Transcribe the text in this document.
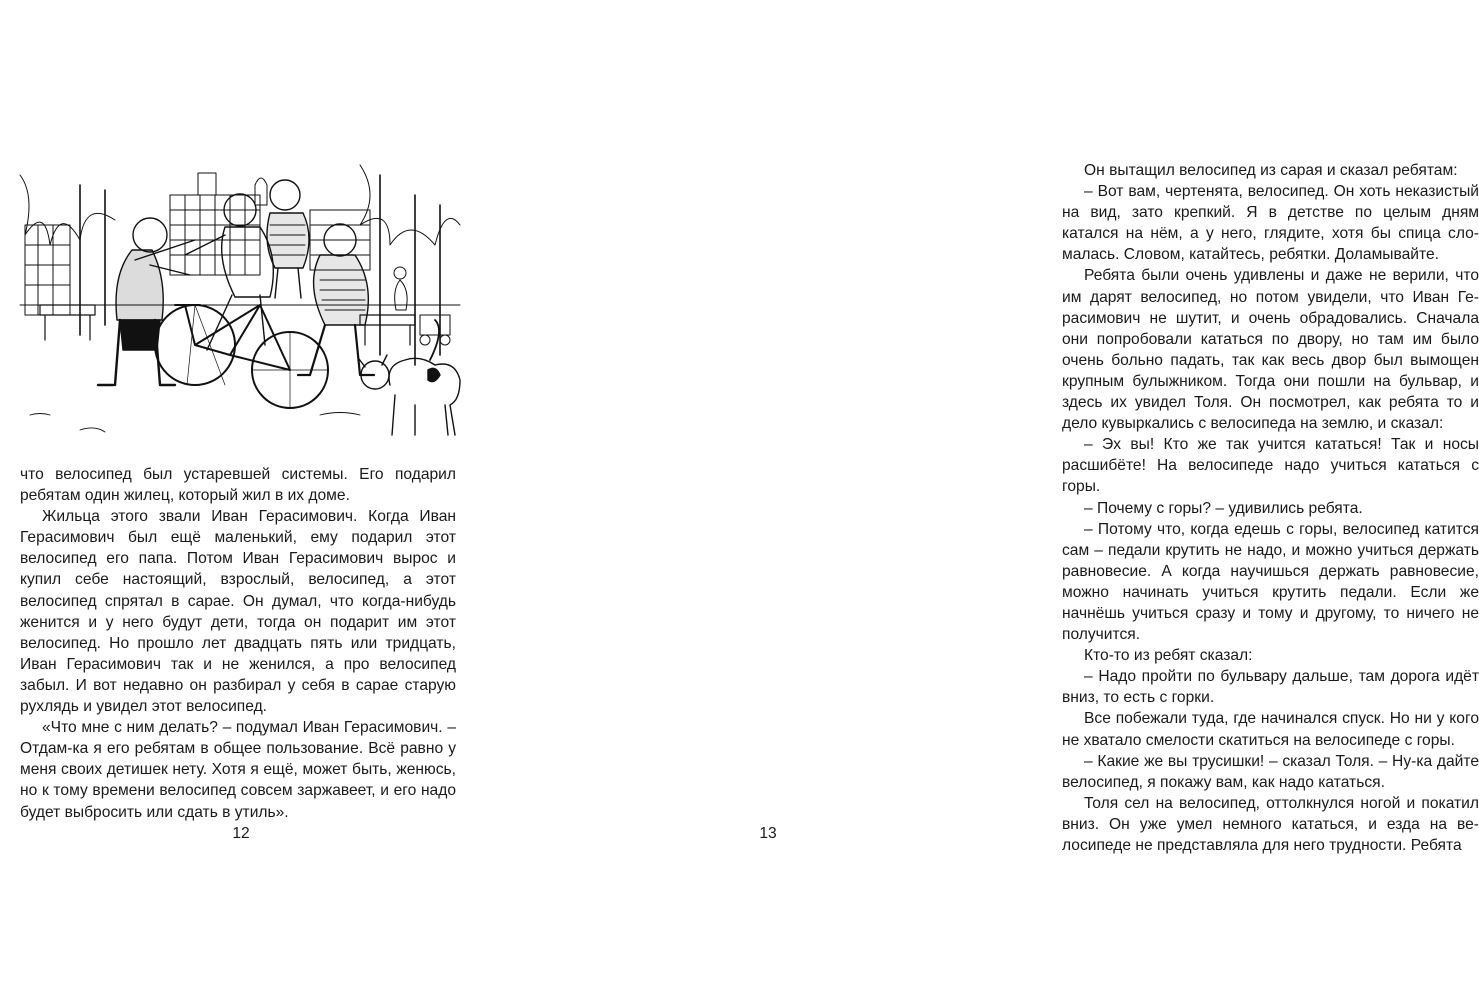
что велосипед был устаревшей системы. Его подарил ребятам один жилец, который жил в их доме.

Жильца этого звали Иван Герасимович. Когда Иван Герасимович был ещё маленький, ему подарил этот велосипед его папа. Потом Иван Герасимович вырос и купил себе настоящий, взрослый, велосипед, а этот велосипед спрятал в сарае. Он думал, что когда-нибудь женится и у него будут дети, тогда он подарит им этот велосипед. Но прошло лет двадцать пять или тридцать, Иван Герасимович так и не женился, а про велосипед забыл. И вот недавно он разбирал у себя в сарае старую рухлядь и увидел этот велосипед.

«Что мне с ним делать? – подумал Иван Герасимович. – Отдам-ка я его ребятам в общее пользование. Всё равно у меня своих детишек нету. Хотя я ещё, может быть, женюсь, но к тому времени велосипед совсем заржавеет, и его надо будет выбросить или сдать в утиль».

12

Он вытащил велосипед из сарая и сказал ребятам:

– Вот вам, чертенята, велосипед. Он хоть неказистый на вид, зато крепкий. Я в детстве по целым дням катался на нём, а у него, глядите, хотя бы спица сломалась. Словом, катайтесь, ребятки. Доламывайте.

Ребята были очень удивлены и даже не верили, что им дарят велосипед, но потом увидели, что Иван Герасимович не шутит, и очень обрадовались. Сначала они попробовали кататься по двору, но там им было очень больно падать, так как весь двор был вымощен крупным булыжником. Тогда они пошли на бульвар, и здесь их увидел Толя. Он посмотрел, как ребята то и дело кувыркались с велосипеда на землю, и сказал:

– Эх вы! Кто же так учится кататься! Так и носы расшибёте! На велосипеде надо учиться кататься с горы.

– Почему с горы? – удивились ребята.

– Потому что, когда едешь с горы, велосипед катится сам – педали крутить не надо, и можно учиться держать равновесие. А когда научишься держать равновесие, можно начинать учиться крутить педали. Если же начнёшь учиться сразу и тому и другому, то ничего не получится.

Кто-то из ребят сказал:

– Надо пройти по бульвару дальше, там дорога идёт вниз, то есть с горки.

Все побежали туда, где начинался спуск. Но ни у кого не хватало смелости скатиться на велосипеде с горы.

– Какие же вы трусишки! – сказал Толя. – Ну-ка дайте велосипед, я покажу вам, как надо кататься.

Толя сел на велосипед, оттолкнулся ногой и покатил вниз. Он уже умел немного кататься, и езда на велосипеде не представляла для него трудности. Ребята

13
